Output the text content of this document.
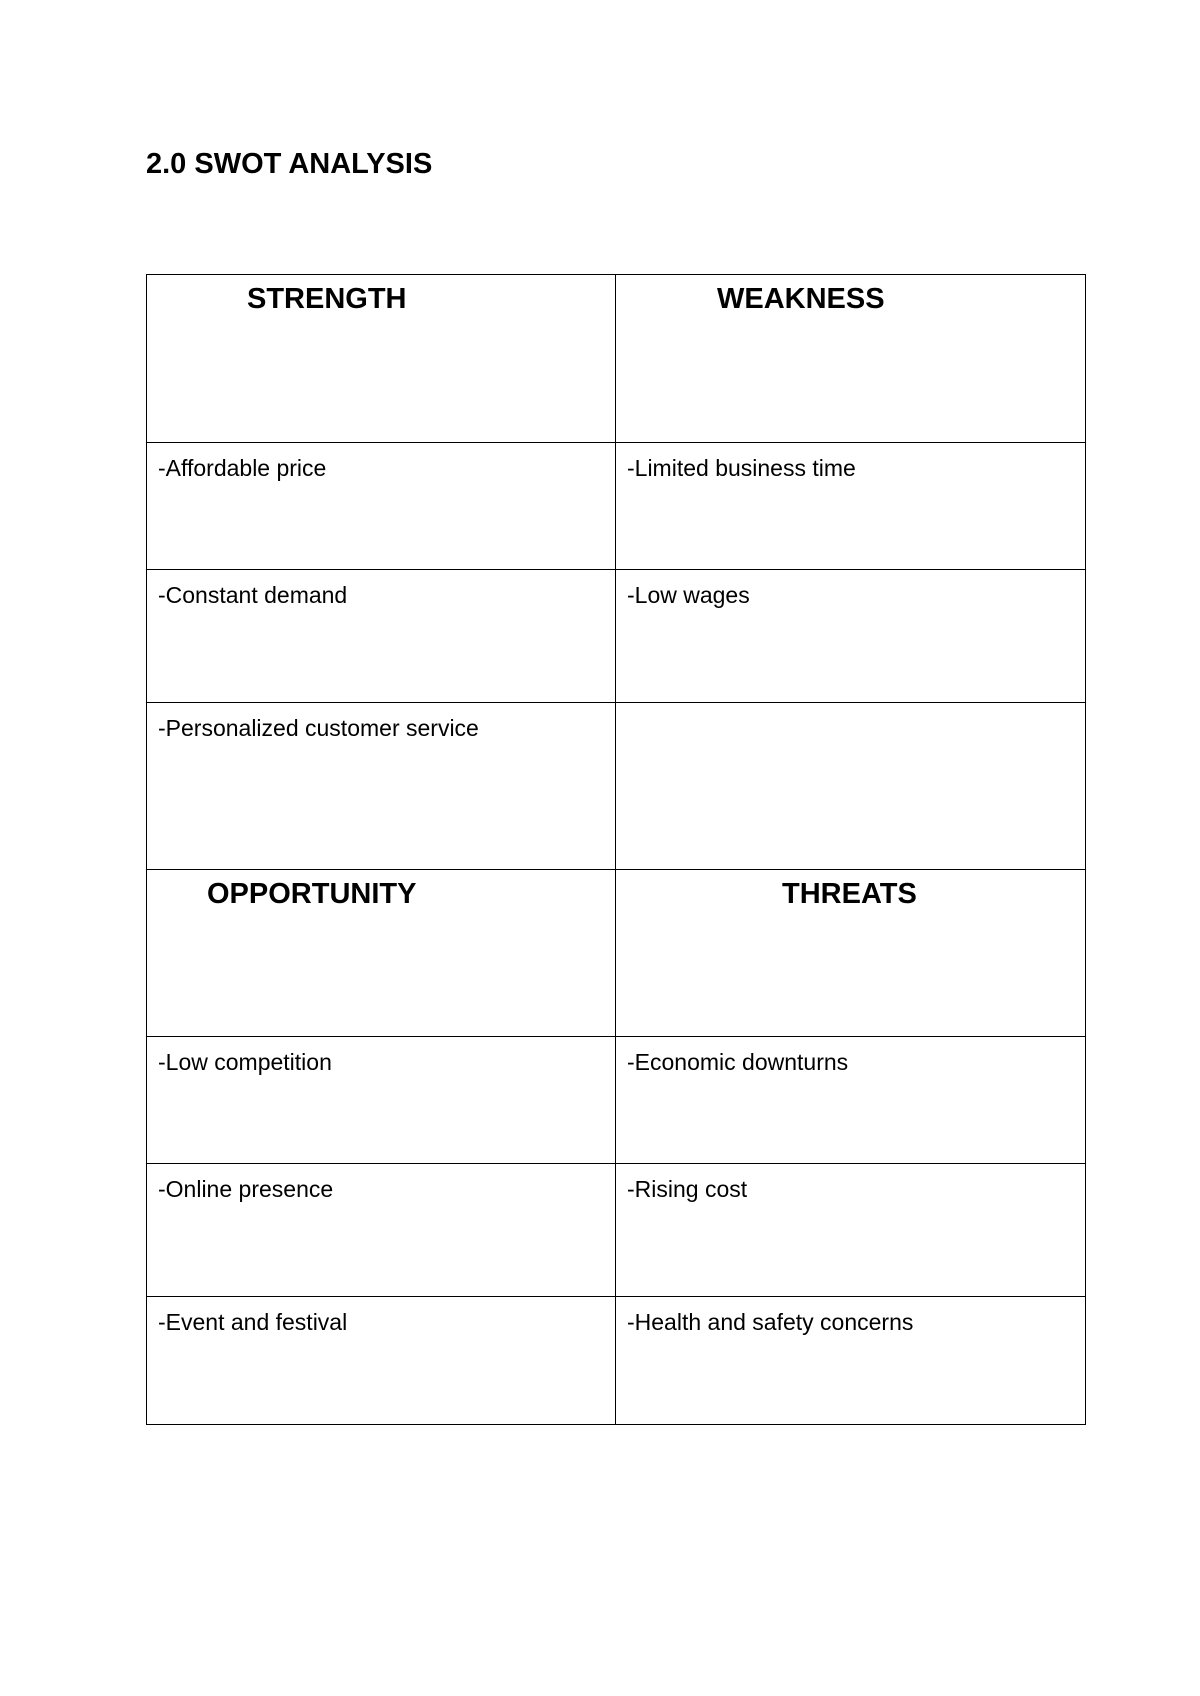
2.0 SWOT ANALYSIS
STRENGTH	WEAKNESS

-Affordable price	-Limited business time

-Constant demand	-Low wages

-Personalized customer service	

OPPORTUNITY	THREATS

-Low competition	-Economic downturns

-Online presence	-Rising cost

-Event and festival	-Health and safety concerns
